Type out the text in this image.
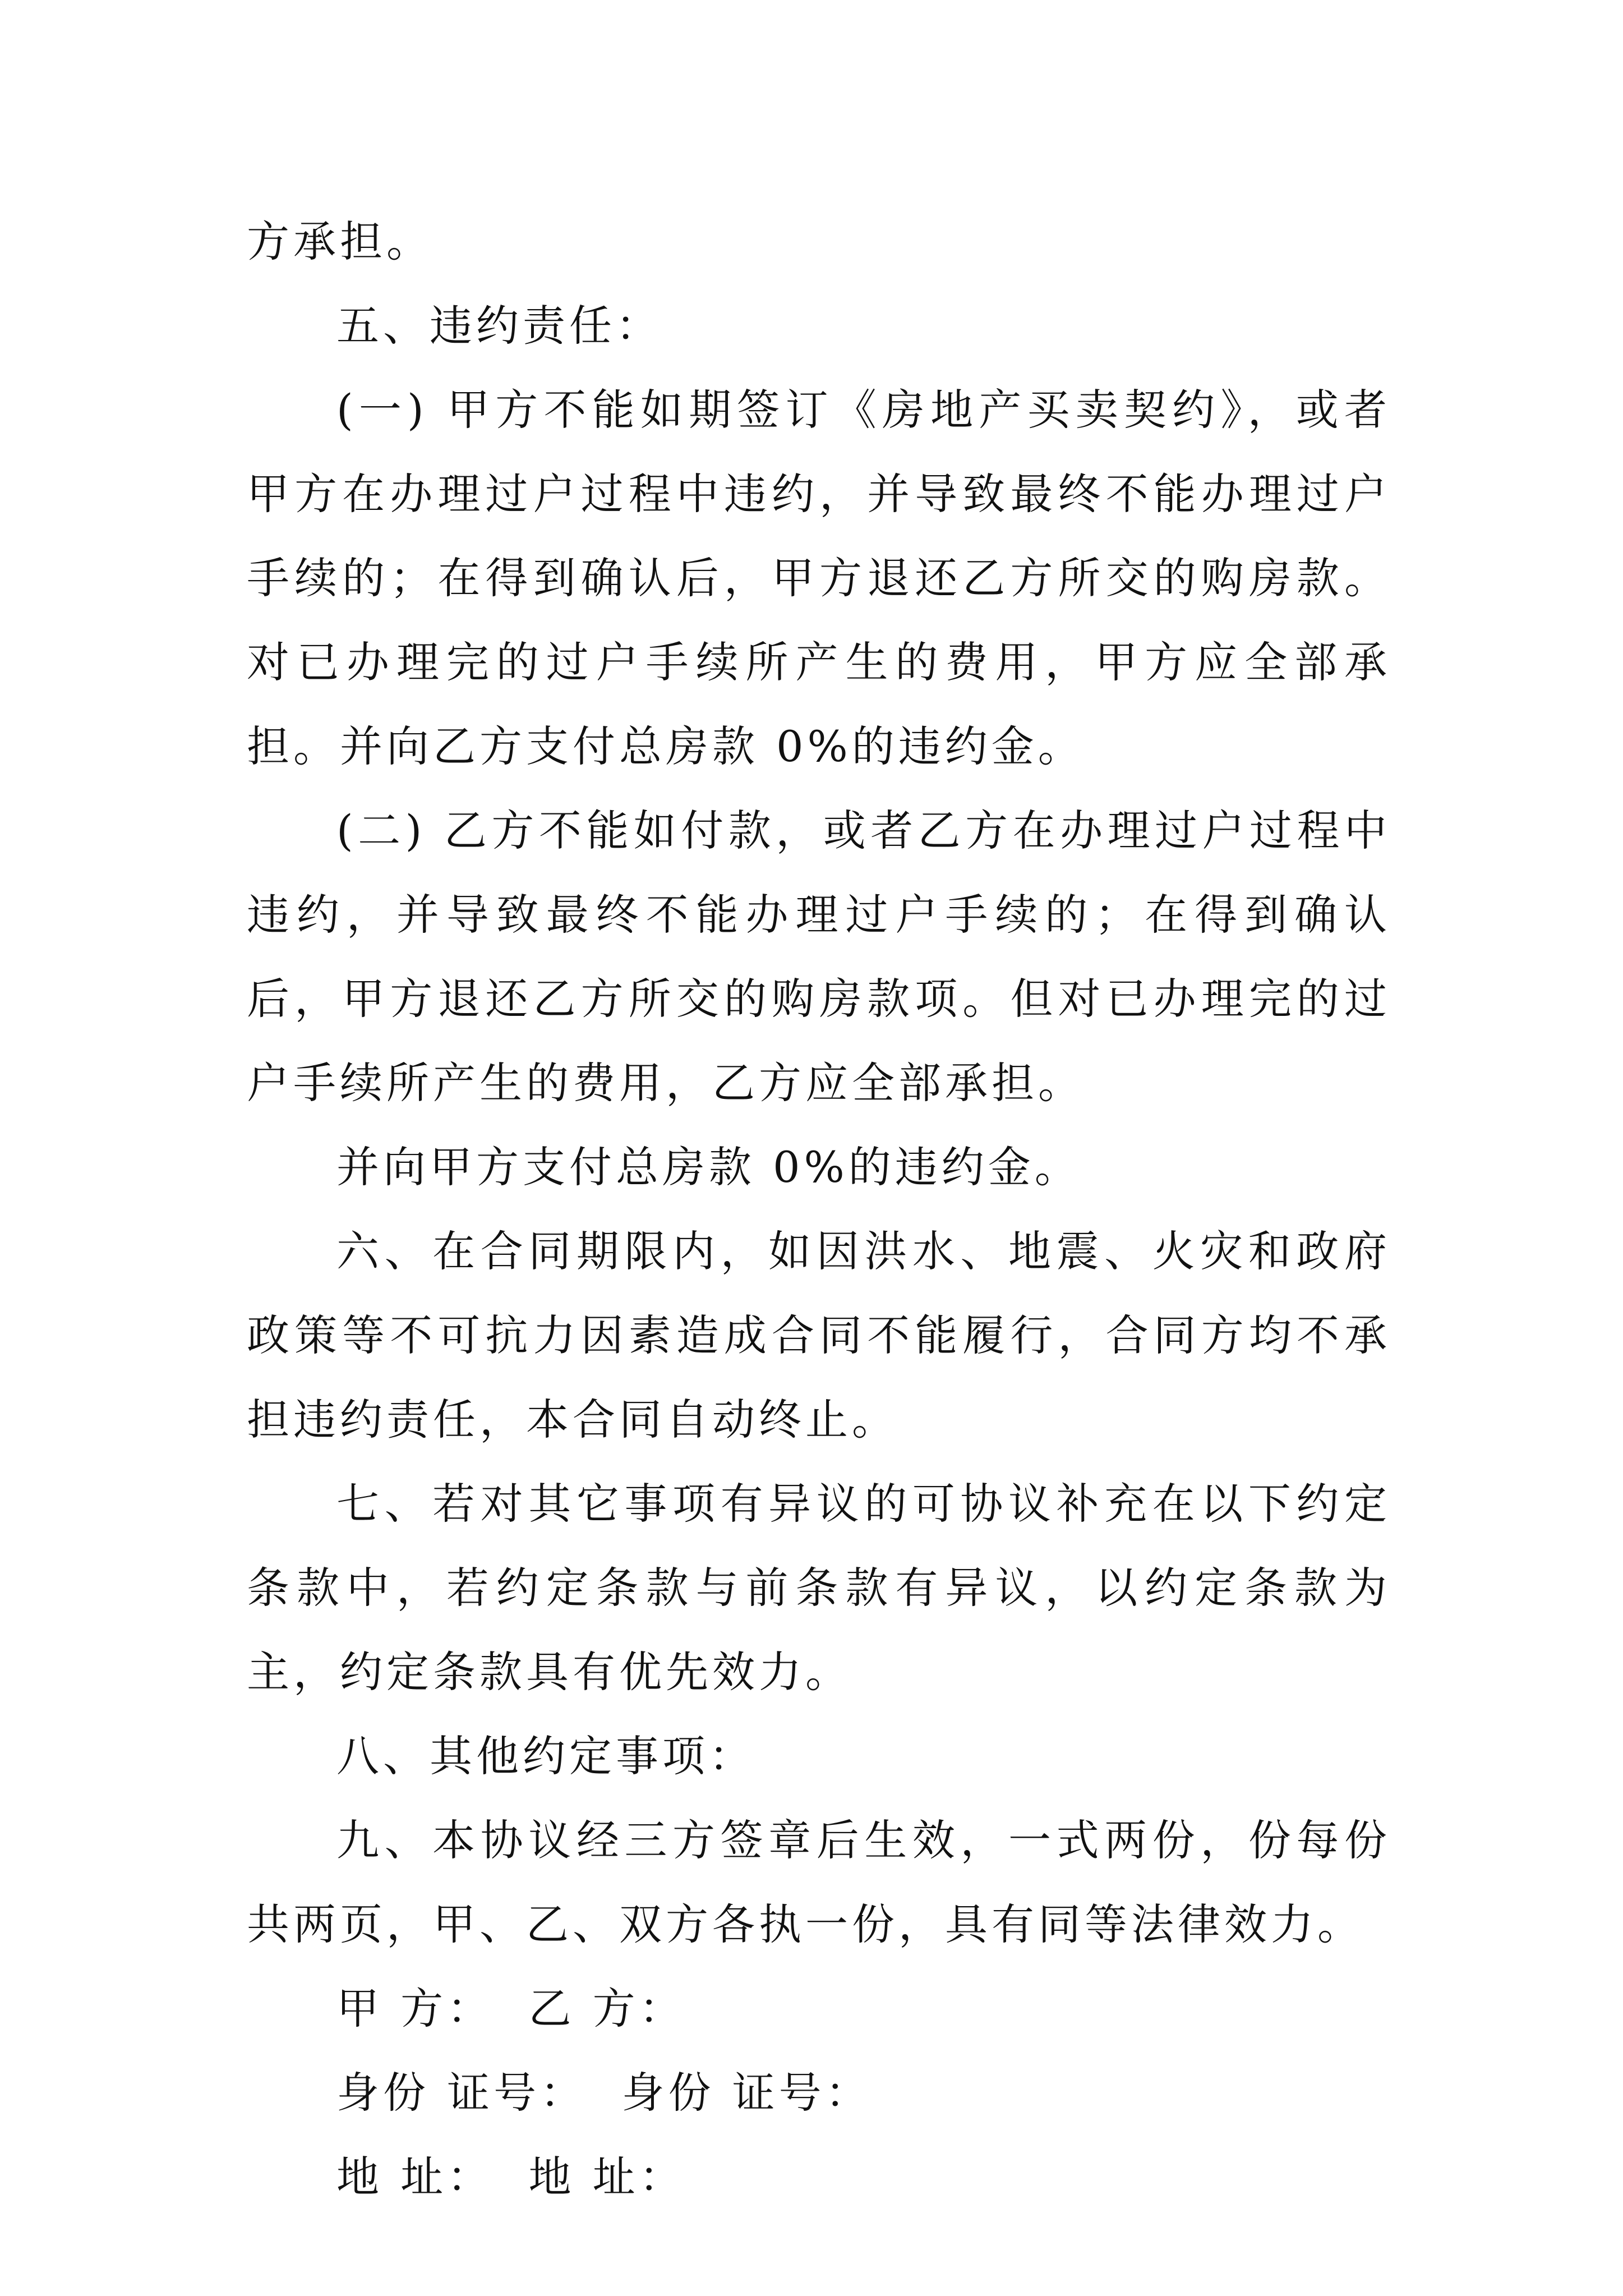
方承担。

五、违约责任：

(一) 甲方不能如期签订《房地产买卖契约》，或者甲方在办理过户过程中违约，并导致最终不能办理过户手续的；在得到确认后，甲方退还乙方所交的购房款。对已办理完的过户手续所产生的费用，甲方应全部承担。并向乙方支付总房款 0%的违约金。

(二) 乙方不能如付款，或者乙方在办理过户过程中违约，并导致最终不能办理过户手续的；在得到确认后，甲方退还乙方所交的购房款项。但对已办理完的过户手续所产生的费用，乙方应全部承担。

并向甲方支付总房款 0%的违约金。

六、在合同期限内，如因洪水、地震、火灾和政府政策等不可抗力因素造成合同不能履行，合同方均不承担违约责任，本合同自动终止。

七、若对其它事项有异议的可协议补充在以下约定条款中，若约定条款与前条款有异议，以约定条款为主，约定条款具有优先效力。

八、其他约定事项：

九、本协议经三方签章后生效，一式两份，份每份共两页，甲、乙、双方各执一份，具有同等法律效力。

甲 方：  乙 方：

身份 证号：  身份 证号：

地 址：  地 址：
